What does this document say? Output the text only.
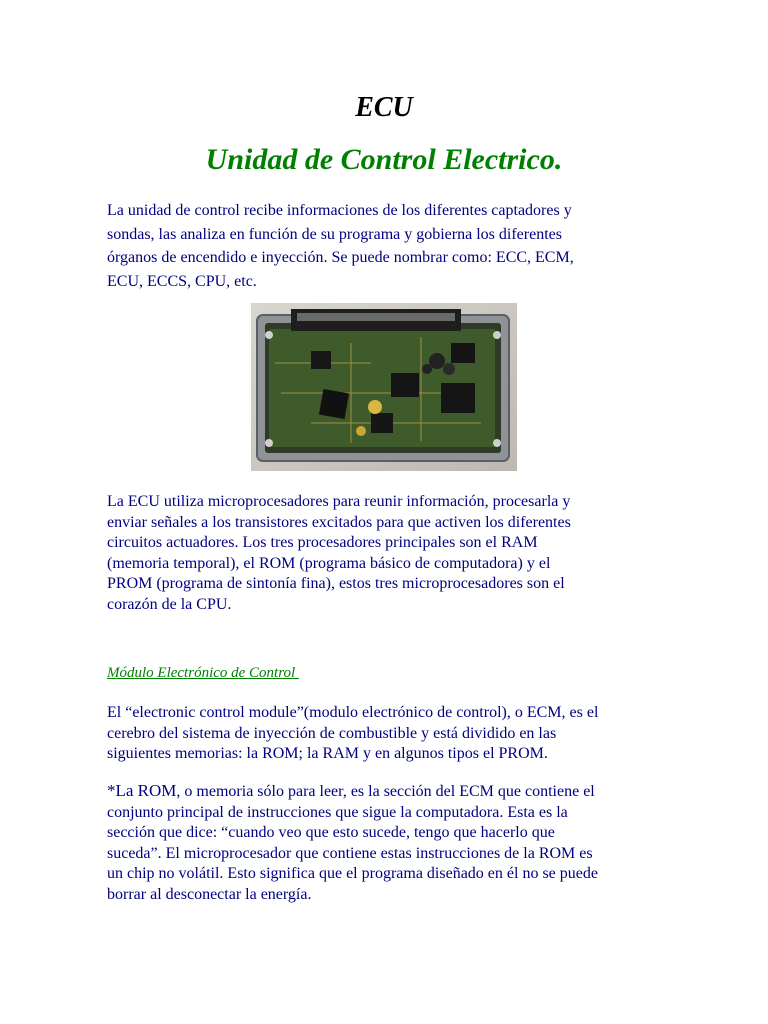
ECU
Unidad de Control Electrico.

La unidad de control recibe informaciones de los diferentes captadores y

sondas, las analiza en función de su programa y gobierna los diferentes

órganos de encendido e inyección. Se puede nombrar como: ECC, ECM,

ECU, ECCS, CPU, etc.

La ECU utiliza microprocesadores para reunir información, procesarla y

enviar señales a los transistores excitados para que activen los diferentes

circuitos actuadores. Los tres procesadores principales son el RAM

(memoria temporal), el ROM (programa básico de computadora) y el

PROM (programa de sintonía fina), estos tres microprocesadores son el

corazón de la CPU.

Módulo Electrónico de Control

El “electronic control module”(modulo electrónico de control), o ECM, es el

cerebro del sistema de inyección de combustible y está dividido en las

siguientes memorias: la ROM; la RAM y en algunos tipos el PROM.

*La ROM, o memoria sólo para leer, es la sección del ECM que contiene el

conjunto principal de instrucciones que sigue la computadora. Esta es la

sección que dice: “cuando veo que esto sucede, tengo que hacerlo que

suceda”. El microprocesador que contiene estas instrucciones de la ROM es

un chip no volátil. Esto significa que el programa diseñado en él no se puede

borrar al desconectar la energía.
